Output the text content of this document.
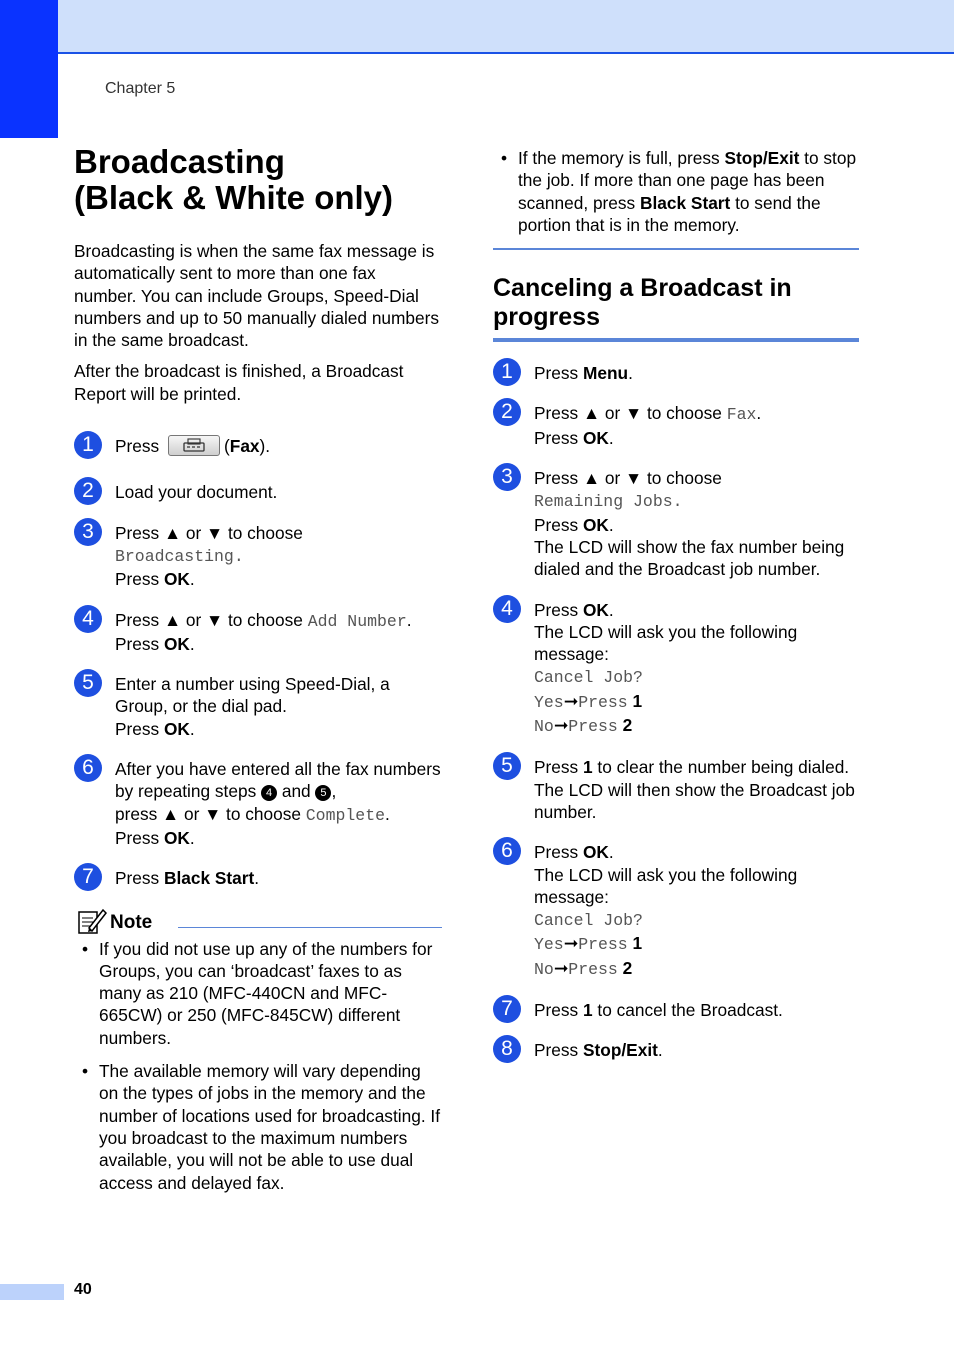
Chapter 5
Broadcasting
(Black & White only)

Broadcasting is when the same fax message is automatically sent to more than one fax number. You can include Groups, Speed-Dial numbers and up to 50 manually dialed numbers in the same broadcast.

After the broadcast is finished, a Broadcast Report will be printed.

1	Press	(Fax).
2	Load your document.
3	Press ▲ or ▼ to choose
Broadcasting.
Press OK.
4	Press ▲ or ▼ to choose Add Number.
Press OK.
5	Enter a number using Speed-Dial, a Group, or the dial pad.
Press OK.
6	After you have entered all the fax numbers by repeating steps 4 and 5 ,
press ▲ or ▼ to choose Complete.
Press OK.
7	Press Black Start.
Note
• If you did not use up any of the numbers for Groups, you can ‘broadcast’ faxes to as many as 210 (MFC-440CN and MFC-665CW) or 250 (MFC-845CW) different numbers.
• The available memory will vary depending on the types of jobs in the memory and the number of locations used for broadcasting. If you broadcast to the maximum numbers available, you will not be able to use dual access and delayed fax.
• If the memory is full, press Stop/Exit to stop the job. If more than one page has been scanned, press Black Start to send the portion that is in the memory.
Canceling a Broadcast in
progress
1	Press Menu.
2	Press ▲ or ▼ to choose Fax.
Press OK.
3	Press ▲ or ▼ to choose
Remaining Jobs.
Press OK.
The LCD will show the fax number being dialed and the Broadcast job number.
4	Press OK.
The LCD will ask you the following message:
Cancel Job?
Yes➞Press 1
No➞Press 2
5	Press 1 to clear the number being dialed.
The LCD will then show the Broadcast job number.
6	Press OK.
The LCD will ask you the following message:
Cancel Job?
Yes➞Press 1
No➞Press 2
7	Press 1 to cancel the Broadcast.
8	Press Stop/Exit.
40
